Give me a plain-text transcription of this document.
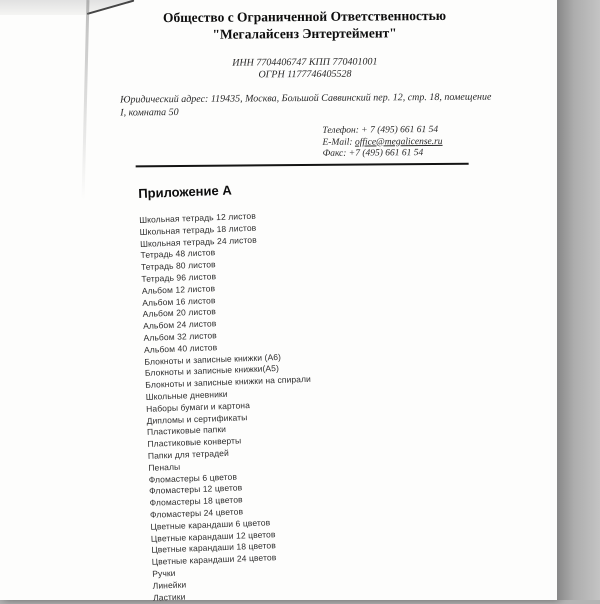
Общество с Ограниченной Ответственностью
"Мегалайсенз Энтертеймент"
ИНН 7704406747 КПП 770401001
ОГРН 1177746405528
Юридический адрес: 119435, Москва, Большой Саввинский пер. 12, стр. 18, помещение I, комната 50
Телефон: + 7 (495) 661 61 54
E-Mail: office@megalicense.ru
Факс: +7 (495) 661 61 54
Приложение А
Школьная тетрадь 12 листов
Школьная тетрадь 18 листов
Школьная тетрадь 24 листов
Тетрадь 48 листов
Тетрадь 80 листов
Тетрадь 96 листов
Альбом 12 листов
Альбом 16 листов
Альбом 20 листов
Альбом 24 листов
Альбом 32 листов
Альбом 40 листов
Блокноты и записные книжки (А6)
Блокноты и записные книжки(А5)
Блокноты и записные книжки на спирали
Школьные дневники
Наборы бумаги и картона
Дипломы и сертификаты
Пластиковые папки
Пластиковые конверты
Папки для тетрадей
Пеналы
Фломастеры 6 цветов
Фломастеры 12 цветов
Фломастеры 18 цветов
Фломастеры 24 цветов
Цветные карандаши 6 цветов
Цветные карандаши 12 цветов
Цветные карандаши 18 цветов
Цветные карандаши 24 цветов
Ручки
Линейки
Ластики
